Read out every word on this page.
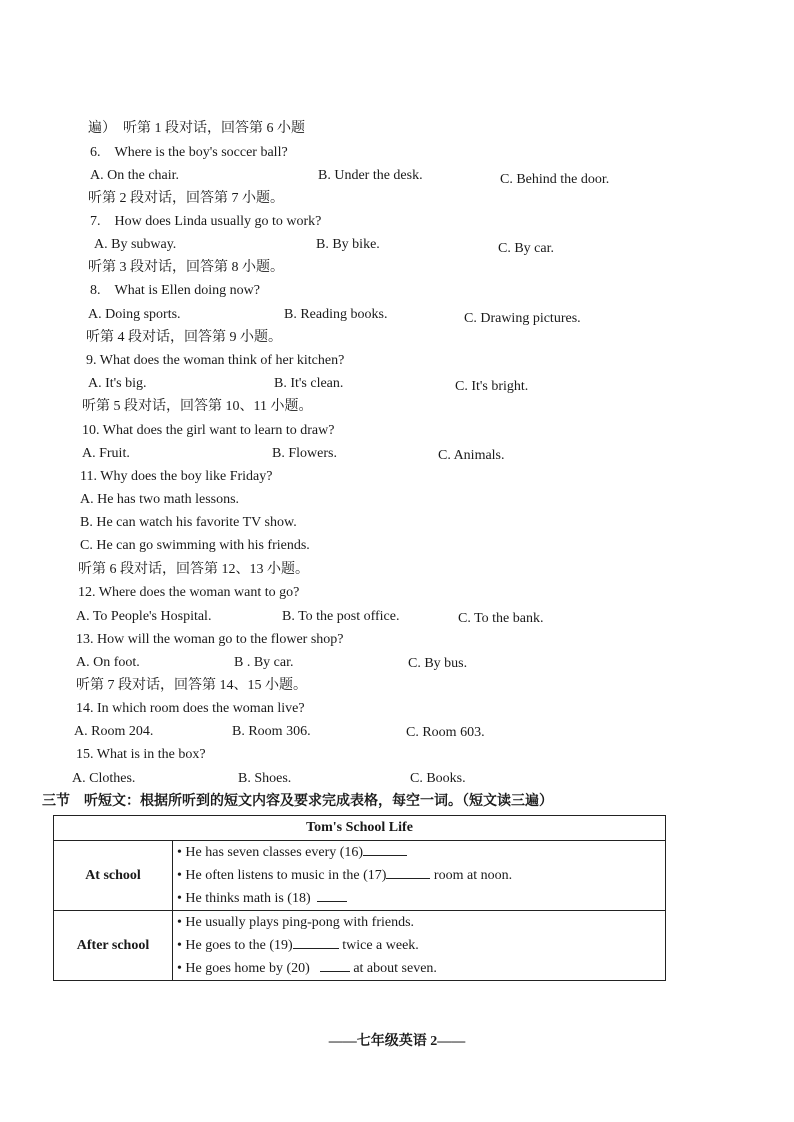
遍）　听第 1 段对话，回答第 6 小题
6.　Where is the boy's soccer ball?
A. On the chair.	B. Under the desk.	C. Behind the door.
听第 2 段对话，回答第 7 小题。
7.　How does Linda usually go to work?
A. By subway.	B. By bike.	C. By car.
听第 3 段对话，回答第 8 小题。
8.　What is Ellen doing now?
A. Doing sports.	B. Reading books.	C. Drawing pictures.
听第 4 段对话，回答第 9 小题。
9. What does the woman think of her kitchen?
A. It's big.	B. It's clean.	C. It's bright.
听第 5 段对话，回答第 10、11 小题。
10. What does the girl want to learn to draw?
A. Fruit.	B. Flowers.	C. Animals.
11. Why does the boy like Friday?
A. He has two math lessons.
B. He can watch his favorite TV show.
C. He can go swimming with his friends.
听第 6 段对话，回答第 12、13 小题。
12. Where does the woman want to go?
A. To People's Hospital.	B. To the post office.	C. To the bank.
13. How will the woman go to the flower shop?
A. On foot.	B . By car.	C. By bus.
听第 7 段对话，回答第 14、15 小题。
14. In which room does the woman live?
A. Room 204.	B. Room 306.	C. Room 603.
15. What is in the box?
A. Clothes.	B. Shoes.	C. Books.
三节　听短文：根据所听到的短文内容及要求完成表格，每空一词。（短文读三遍）
Tom's School Life	
At school	• He has seven classes every (16)
• He often listens to music in the (17) room at noon.
• He thinks math is (18)

After school	• He usually plays ping-pong with friends.
• He goes to the (19) twice a week.
• He goes home by (20) at about seven.
——七年级英语 2——
